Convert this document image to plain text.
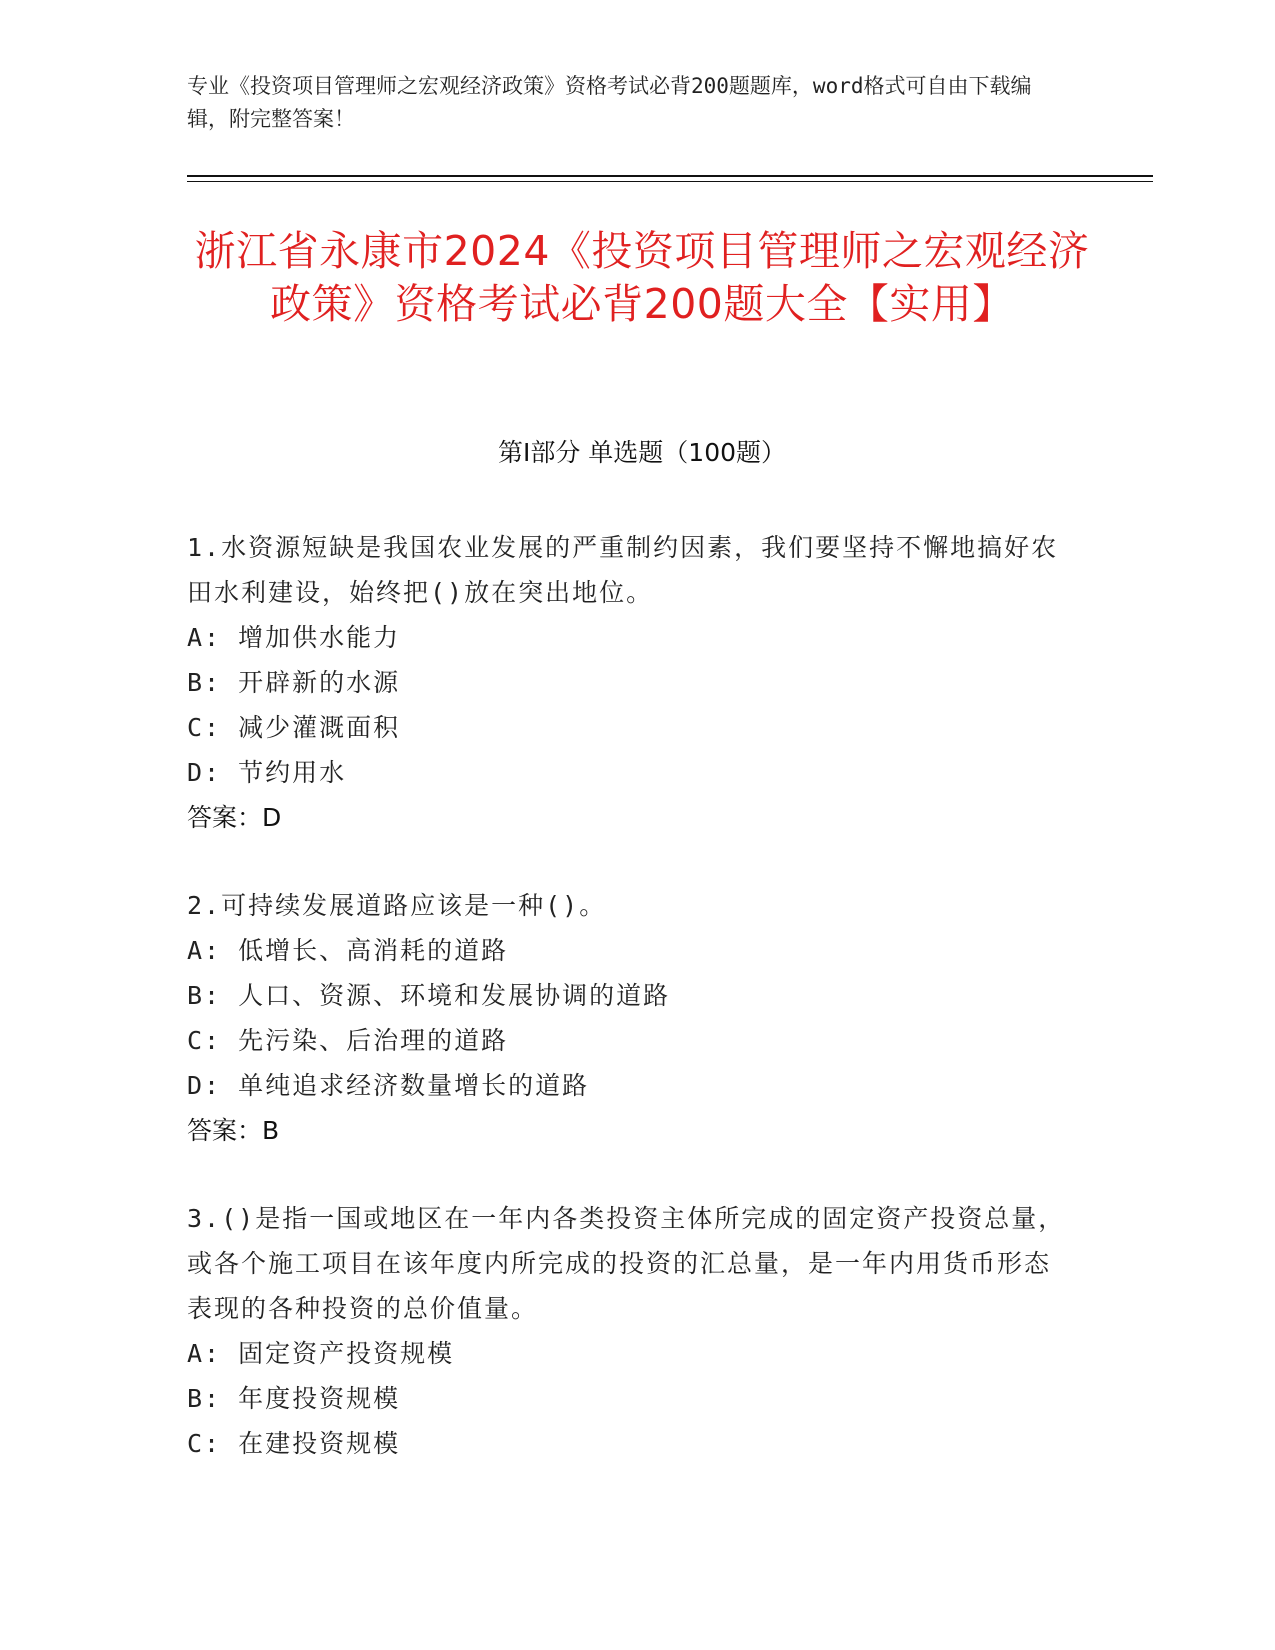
专业《投资项目管理师之宏观经济政策》资格考试必背200题题库，word格式可自由下载编辑，附完整答案！
浙江省永康市2024《投资项目管理师之宏观经济政策》资格考试必背200题大全【实用】
第I部分 单选题（100题）
1.水资源短缺是我国农业发展的严重制约因素，我们要坚持不懈地搞好农田水利建设，始终把()放在突出地位。
A: 增加供水能力
B: 开辟新的水源
C: 减少灌溉面积
D: 节约用水
答案：D
2.可持续发展道路应该是一种()。
A: 低增长、高消耗的道路
B: 人口、资源、环境和发展协调的道路
C: 先污染、后治理的道路
D: 单纯追求经济数量增长的道路
答案：B
3.()是指一国或地区在一年内各类投资主体所完成的固定资产投资总量，或各个施工项目在该年度内所完成的投资的汇总量，是一年内用货币形态表现的各种投资的总价值量。
A: 固定资产投资规模
B: 年度投资规模
C: 在建投资规模
